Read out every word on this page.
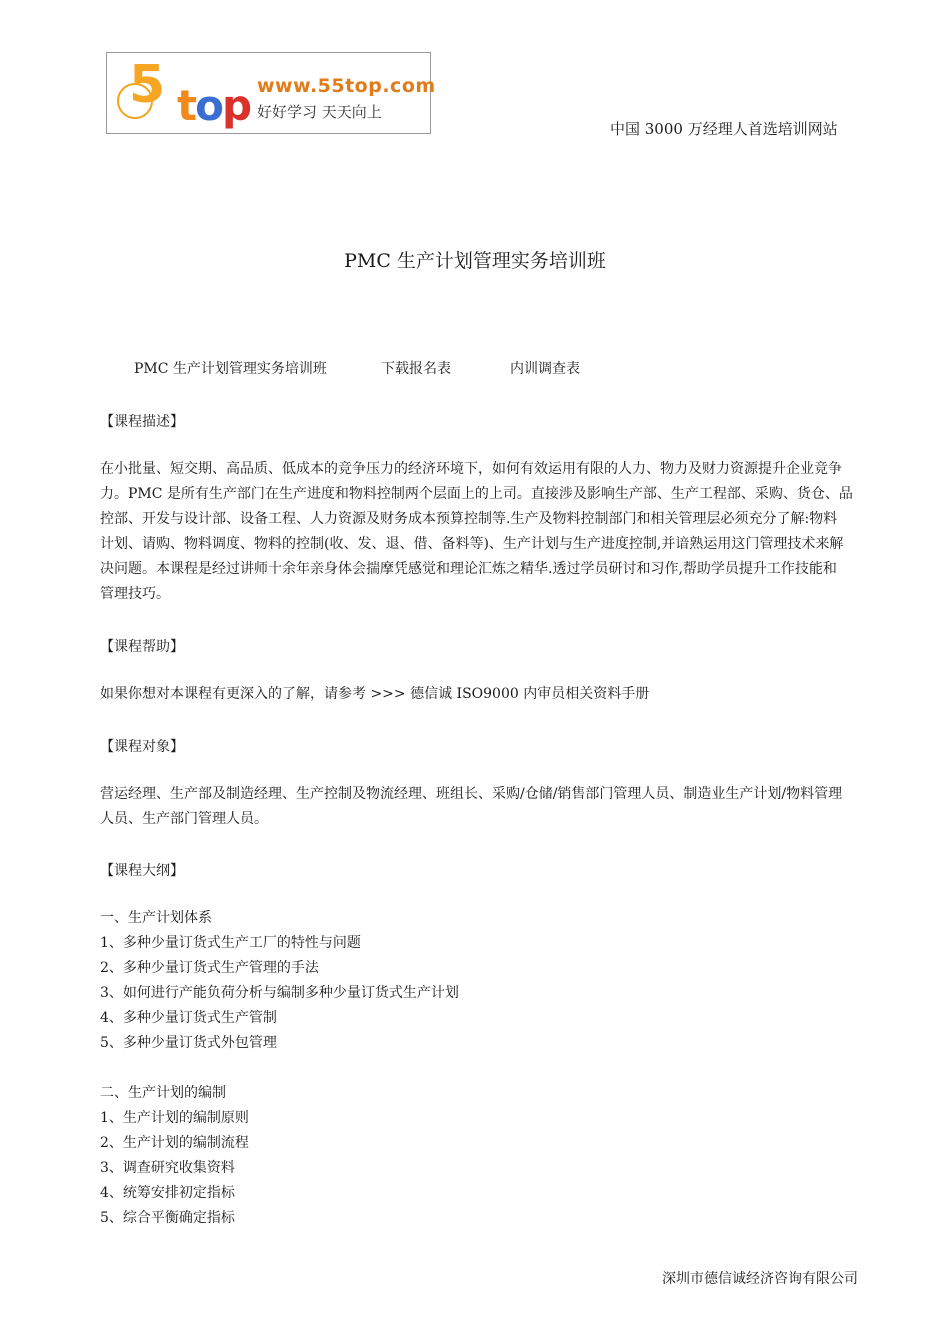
5 top www.55top.com
好好学习 天天向上
中国 3000 万经理人首选培训网站
PMC 生产计划管理实务培训班
PMC 生产计划管理实务培训班	下载报名表	内训调查表
【课程描述】
在小批量、短交期、高品质、低成本的竞争压力的经济环境下，如何有效运用有限的人力、物力及财力资源提升企业竞争
力。PMC 是所有生产部门在生产进度和物料控制两个层面上的上司。直接涉及影响生产部、生产工程部、采购、货仓、品
控部、开发与设计部、设备工程、人力资源及财务成本预算控制等.生产及物料控制部门和相关管理层必须充分了解:物料
计划、请购、物料调度、物料的控制(收、发、退、借、备料等)、生产计划与生产进度控制,并谙熟运用这门管理技术来解
决问题。本课程是经过讲师十余年亲身体会揣摩凭感觉和理论汇炼之精华.透过学员研讨和习作,帮助学员提升工作技能和
管理技巧。
【课程帮助】
如果你想对本课程有更深入的了解，请参考 >>> 德信诚 ISO9000 内审员相关资料手册
【课程对象】
营运经理、生产部及制造经理、生产控制及物流经理、班组长、采购/仓储/销售部门管理人员、制造业生产计划/物料管理
人员、生产部门管理人员。
【课程大纲】
一、生产计划体系
1、多种少量订货式生产工厂的特性与问题
2、多种少量订货式生产管理的手法
3、如何进行产能负荷分析与编制多种少量订货式生产计划
4、多种少量订货式生产管制
5、多种少量订货式外包管理
二、生产计划的编制
1、生产计划的编制原则
2、生产计划的编制流程
3、调查研究收集资料
4、统筹安排初定指标
5、综合平衡确定指标
深圳市德信诚经济咨询有限公司
